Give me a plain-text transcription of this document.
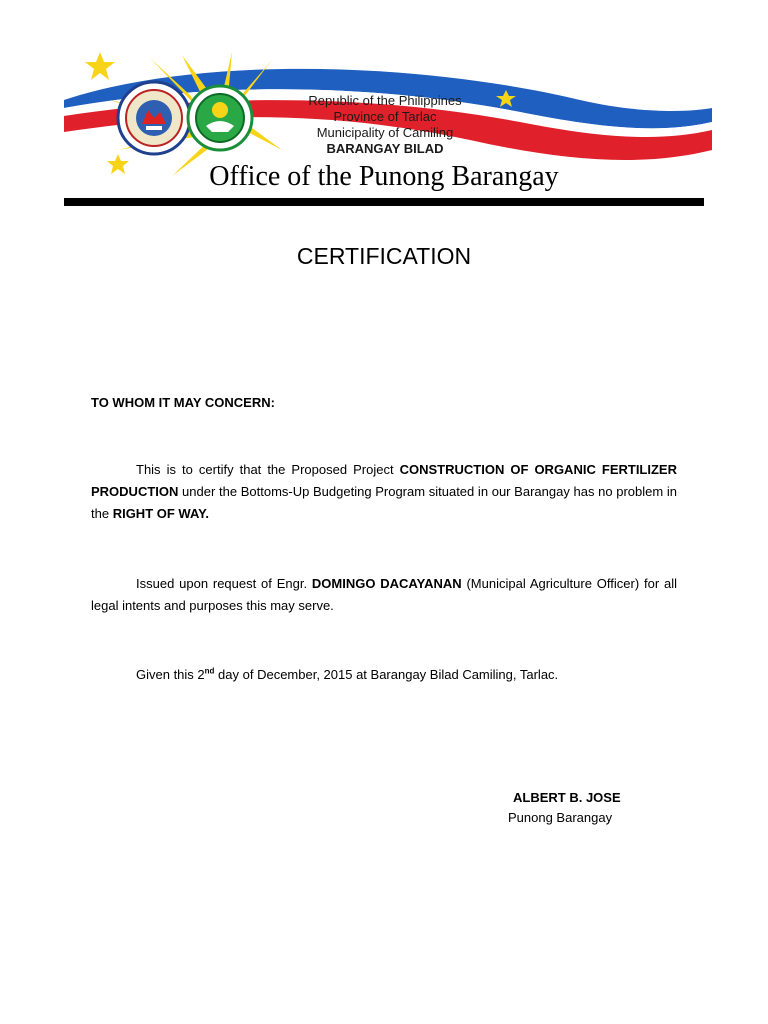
Republic of the Philippines
Province of Tarlac
Municipality of Camiling
BARANGAY BILAD
Office of the Punong Barangay
CERTIFICATION
TO WHOM IT MAY CONCERN:
This is to certify that the Proposed Project CONSTRUCTION OF ORGANIC FERTILIZER PRODUCTION under the Bottoms-Up Budgeting Program situated in our Barangay has no problem in the RIGHT OF WAY.
Issued upon request of Engr. DOMINGO DACAYANAN (Municipal Agriculture Officer) for all legal intents and purposes this may serve.
Given this 2nd day of December, 2015 at Barangay Bilad Camiling, Tarlac.
ALBERT B. JOSE
Punong Barangay
